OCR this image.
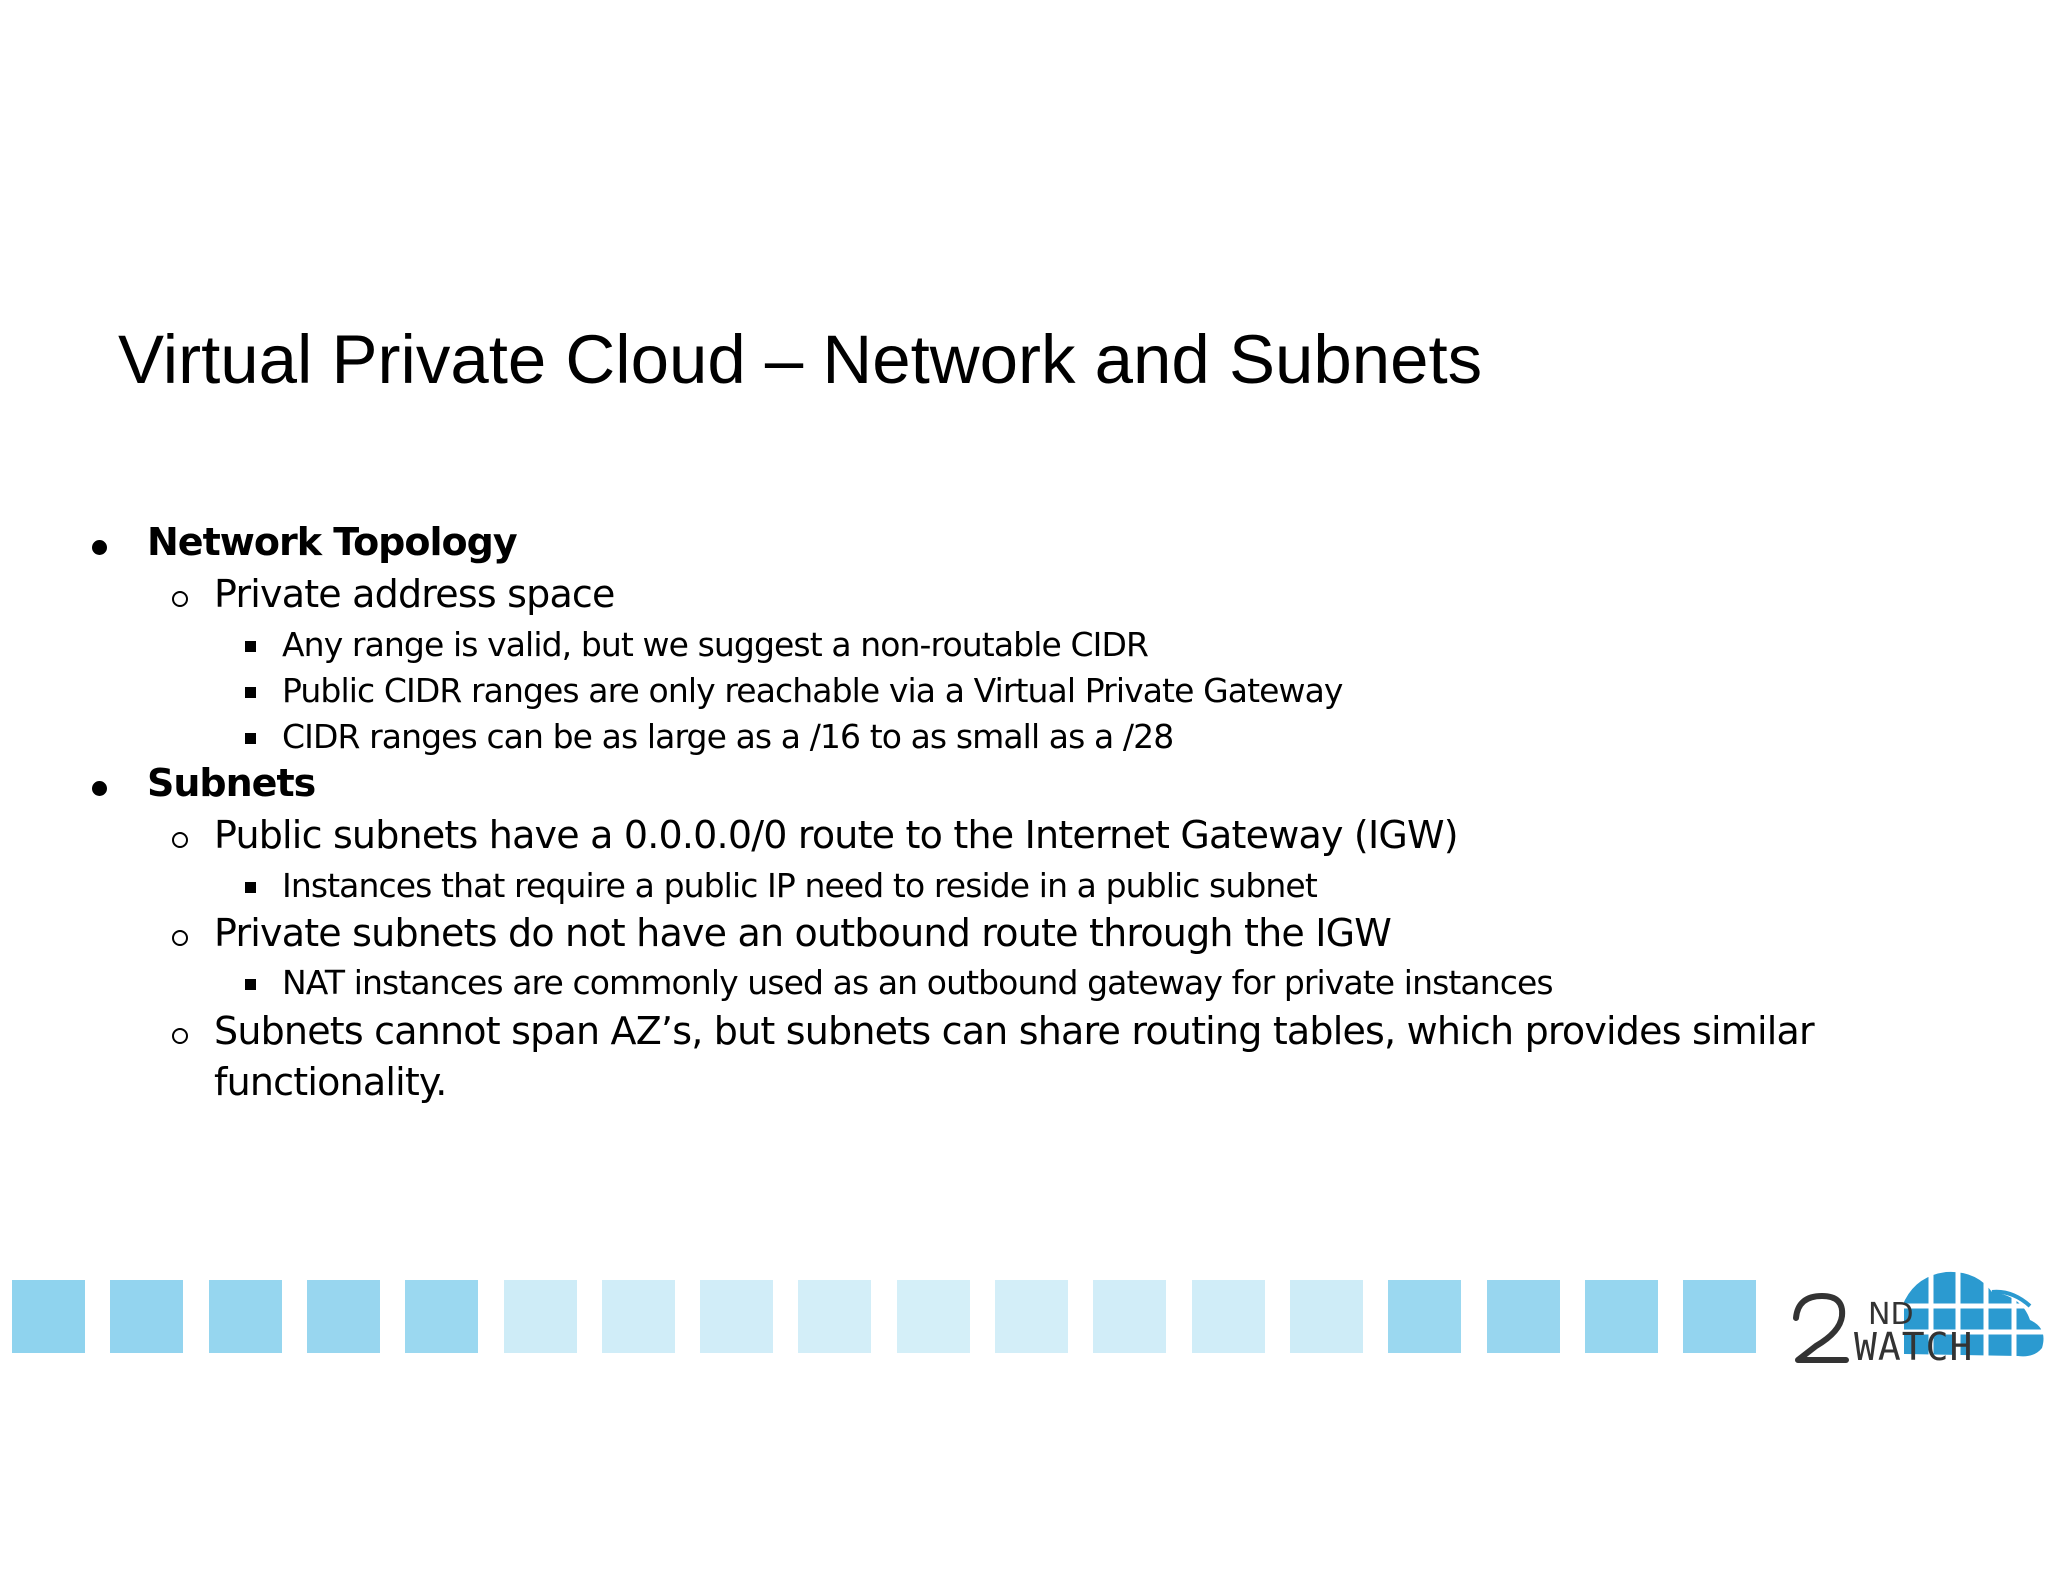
Virtual Private Cloud – Network and Subnets
Network Topology
Private address space
Any range is valid, but we suggest a non-routable CIDR
Public CIDR ranges are only reachable via a Virtual Private Gateway
CIDR ranges can be as large as a /16 to as small as a /28
Subnets
Public subnets have a 0.0.0.0/0 route to the Internet Gateway (IGW)
Instances that require a public IP need to reside in a public subnet
Private subnets do not have an outbound route through the IGW
NAT instances are commonly used as an outbound gateway for private instances
Subnets cannot span AZ’s, but subnets can share routing tables, which provides similar
functionality.
ND
WATCH
